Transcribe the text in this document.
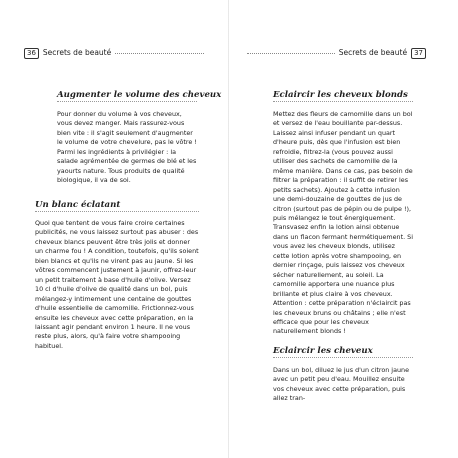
36 Secrets de beauté
Augmenter le volume des cheveux

Pour donner du volume à vos cheveux, vous devez manger. Mais rassurez-vous bien vite : il s'agit seulement d'augmenter le volume de votre chevelure, pas le vôtre ! Parmi les ingrédients à privilégier : la salade agrémentée de germes de blé et les yaourts nature. Tous produits de qualité biologique, il va de soi.

Un blanc éclatant

Quoi que tentent de vous faire croire certaines publicités, ne vous laissez surtout pas abuser : des cheveux blancs peuvent être très jolis et donner un charme fou ! A condition, toutefois, qu'ils soient bien blancs et qu'ils ne virent pas au jaune. Si les vôtres commencent justement à jaunir, offrez-leur un petit traitement à base d'huile d'olive. Versez 10 cl d'huile d'olive de qualité dans un bol, puis mélangez-y intimement une centaine de gouttes d'huile essentielle de camomille. Frictionnez-vous ensuite les cheveux avec cette préparation, en la laissant agir pendant environ 1 heure. Il ne vous reste plus, alors, qu'à faire votre shampooing habituel.

Secrets de beauté	37
Eclaircir les cheveux blonds

Mettez des fleurs de camomille dans un bol et versez de l'eau bouillante par-dessus. Laissez ainsi infuser pendant un quart d'heure puis, dès que l'infusion est bien refroidie, filtrez-la (vous pouvez aussi utiliser des sachets de camomille de la même manière. Dans ce cas, pas besoin de filtrer la préparation : il suffit de retirer les petits sachets). Ajoutez à cette infusion une demi-douzaine de gouttes de jus de citron (surtout pas de pépin ou de pulpe !), puis mélangez le tout énergiquement. Transvasez enfin la lotion ainsi obtenue dans un flacon fermant hermétiquement. Si vous avez les cheveux blonds, utilisez cette lotion après votre shampooing, en dernier rinçage, puis laissez vos cheveux sécher naturellement, au soleil. La camomille apportera une nuance plus brillante et plus claire à vos cheveux. Attention : cette préparation n'éclaircit pas les cheveux bruns ou châtains ; elle n'est efficace que pour les cheveux naturellement blonds !

Eclaircir les cheveux

Dans un bol, diluez le jus d'un citron jaune avec un petit peu d'eau. Mouillez ensuite vos cheveux avec cette préparation, puis allez tran-
